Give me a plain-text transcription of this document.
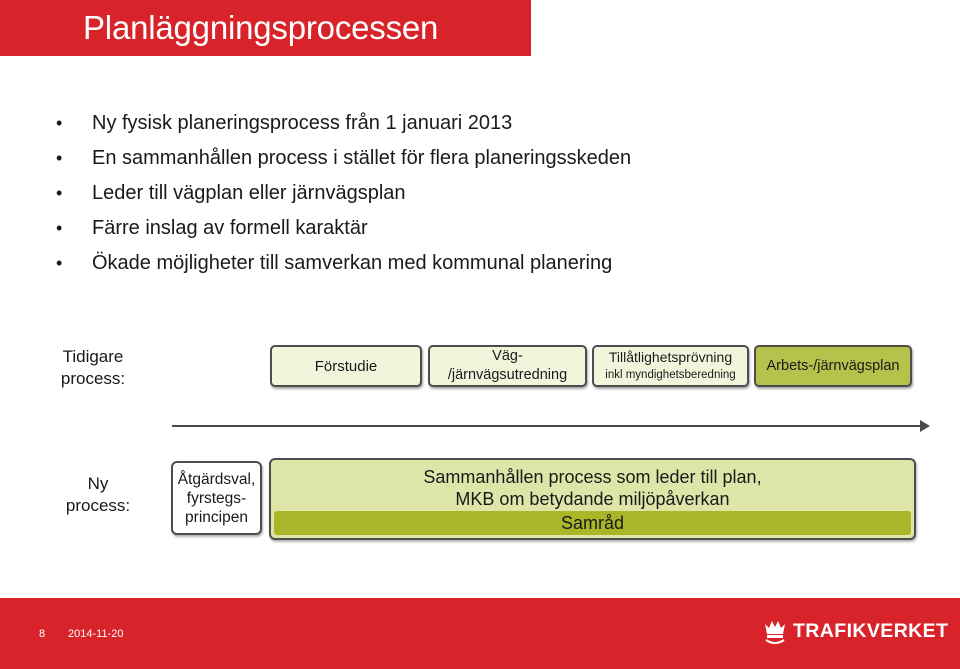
Planläggningsprocessen
• Ny fysisk planeringsprocess från 1 januari 2013
• En sammanhållen process i stället för flera planeringsskeden
• Leder till vägplan eller järnvägsplan
• Färre inslag av formell karaktär
• Ökade möjligheter till samverkan med kommunal planering
Tidigare
process:
Förstudie
Väg-
/järnvägsutredning
Tillåtlighetsprövning
inkl myndighetsberedning
Arbets-/järnvägsplan
Ny
process:
Åtgärdsval,
fyrstegs-
principen
Sammanhållen process som leder till plan,
MKB om betydande miljöpåverkan
Samråd
8 2014-11-20	TRAFIKVERKET
